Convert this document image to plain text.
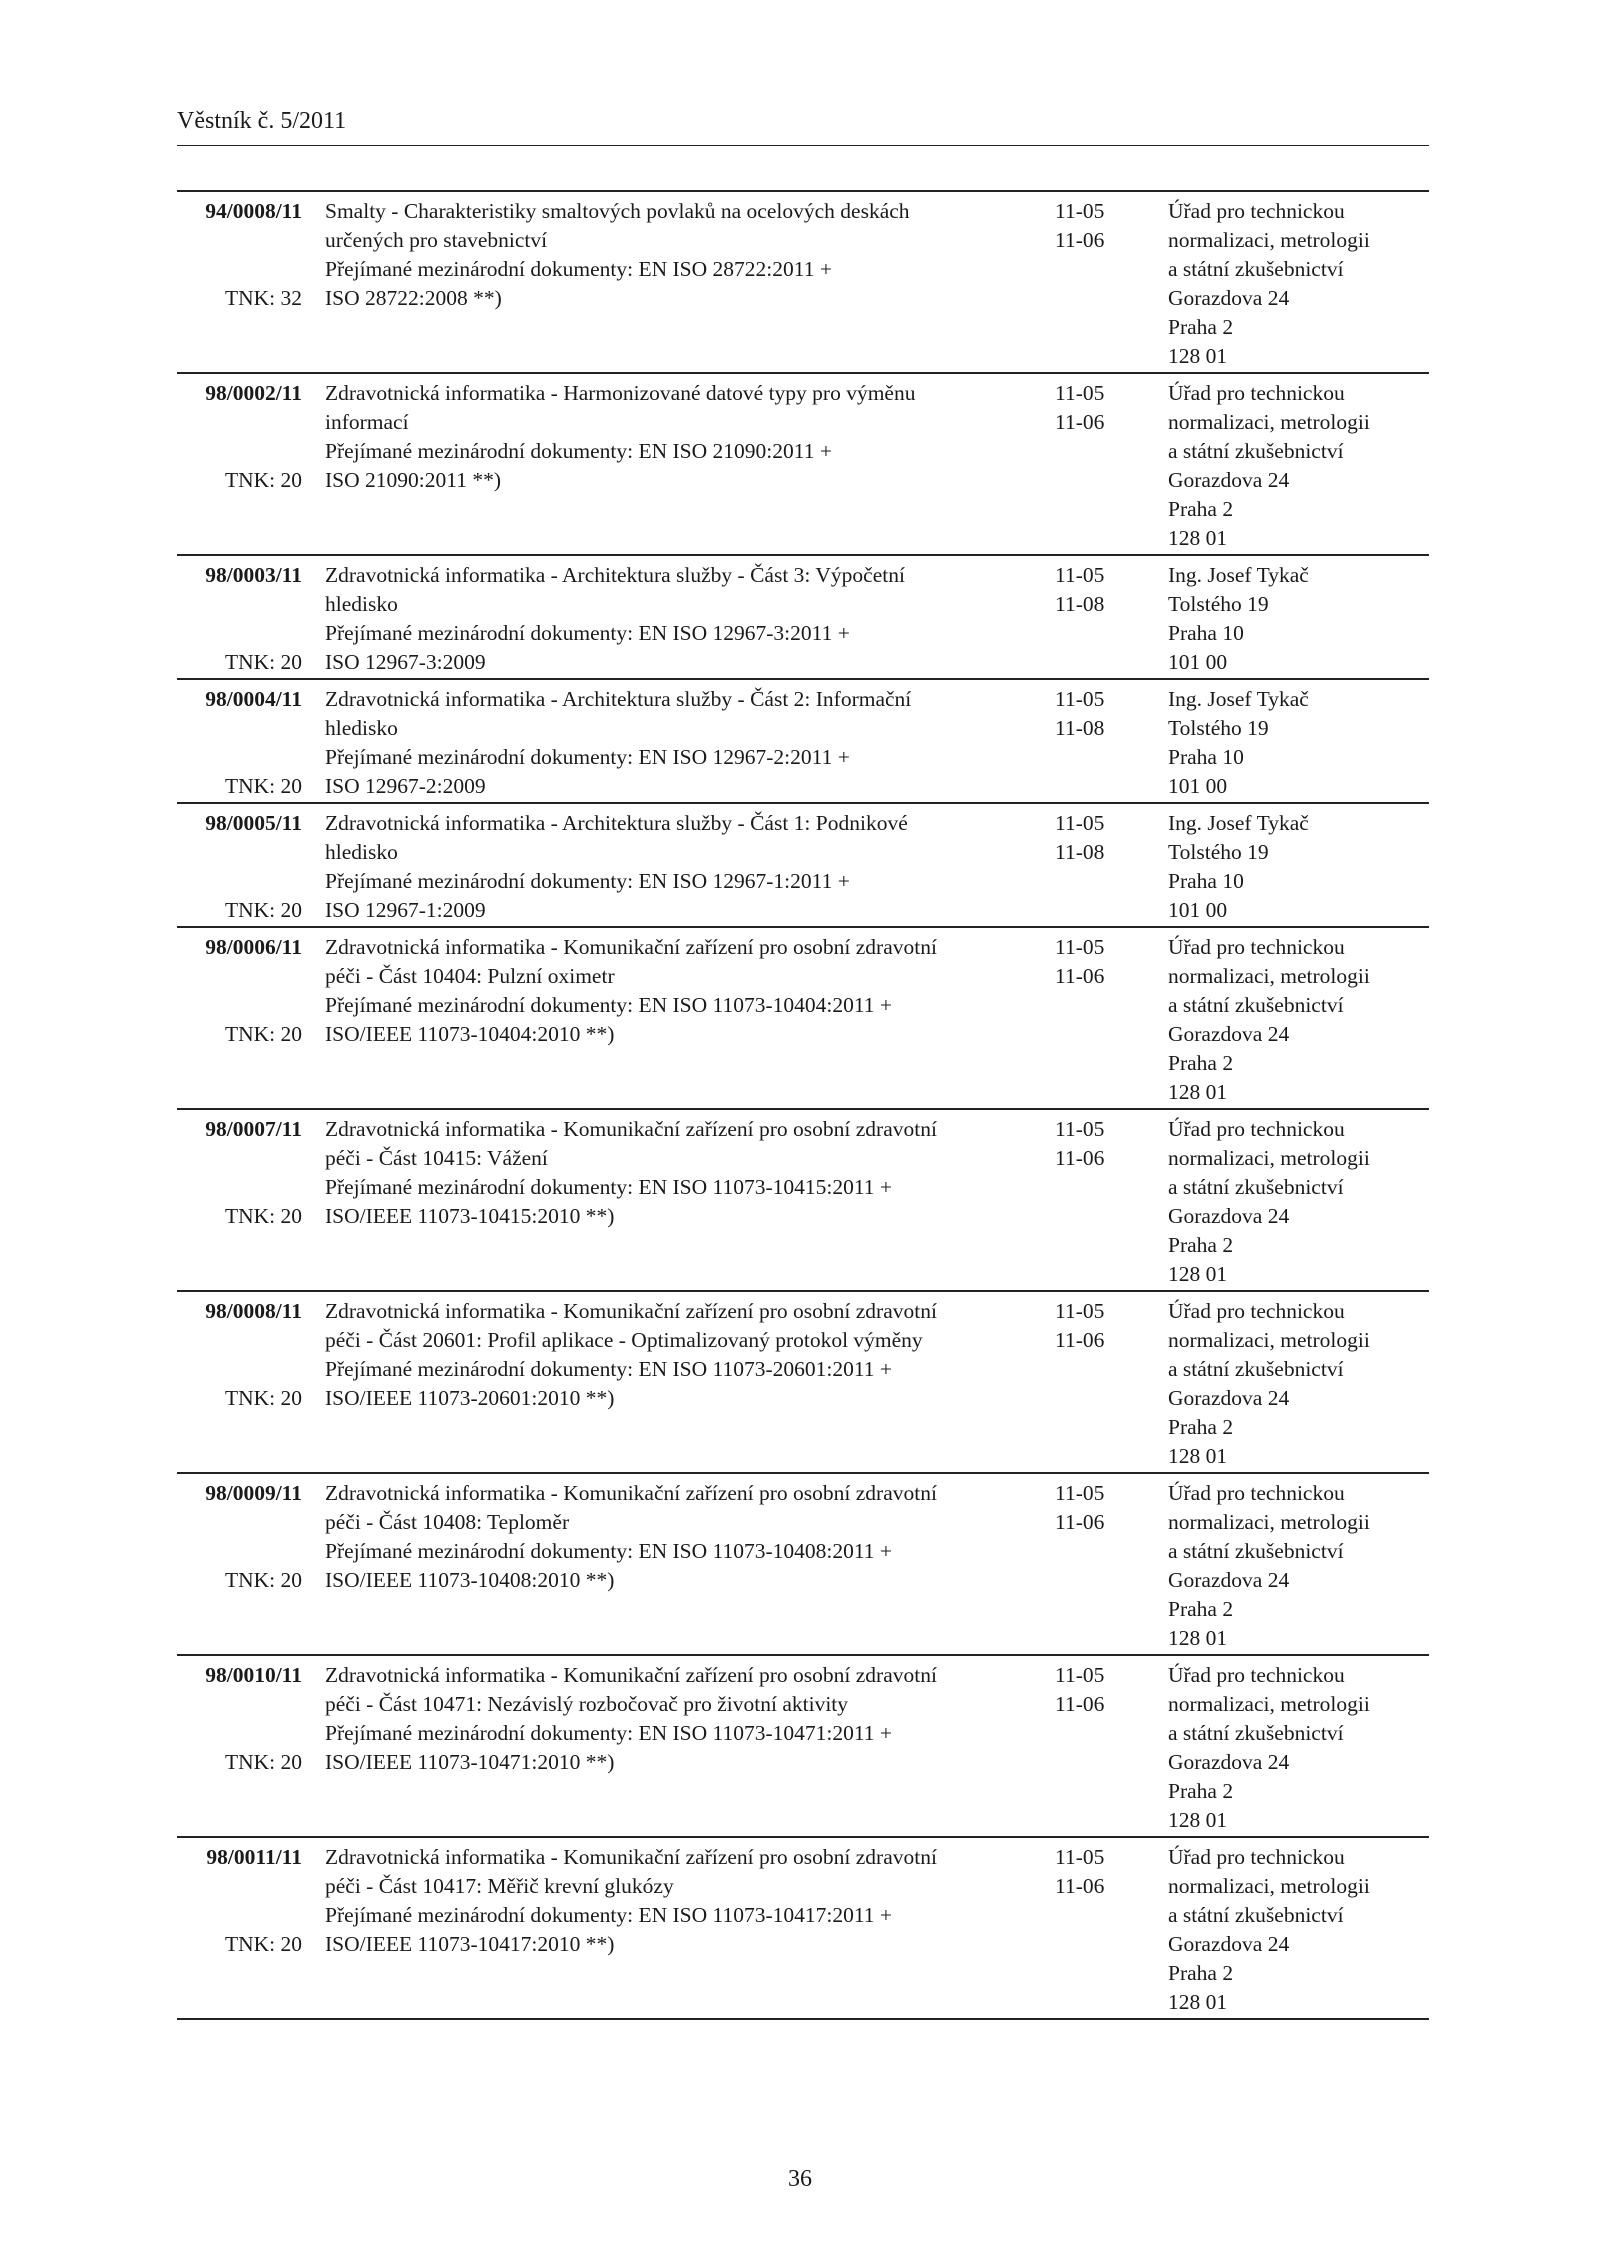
Věstník č. 5/2011
94/0008/11
TNK: 32
Smalty - Charakteristiky smaltových povlaků na ocelových deskách
určených pro stavebnictví
Přejímané mezinárodní dokumenty: EN ISO 28722:2011 +
ISO 28722:2008 **)
11-05
11-06
Úřad pro technickou
normalizaci, metrologii
a státní zkušebnictví
Gorazdova 24
Praha 2
128 01
98/0002/11
TNK: 20
Zdravotnická informatika - Harmonizované datové typy pro výměnu
informací
Přejímané mezinárodní dokumenty: EN ISO 21090:2011 +
ISO 21090:2011 **)
11-05
11-06
Úřad pro technickou
normalizaci, metrologii
a státní zkušebnictví
Gorazdova 24
Praha 2
128 01
98/0003/11
TNK: 20
Zdravotnická informatika - Architektura služby - Část 3: Výpočetní
hledisko
Přejímané mezinárodní dokumenty: EN ISO 12967-3:2011 +
ISO 12967-3:2009
11-05
11-08
Ing. Josef Tykač
Tolstého 19
Praha 10
101 00
98/0004/11
TNK: 20
Zdravotnická informatika - Architektura služby - Část 2: Informační
hledisko
Přejímané mezinárodní dokumenty: EN ISO 12967-2:2011 +
ISO 12967-2:2009
11-05
11-08
Ing. Josef Tykač
Tolstého 19
Praha 10
101 00
98/0005/11
TNK: 20
Zdravotnická informatika - Architektura služby - Část 1: Podnikové
hledisko
Přejímané mezinárodní dokumenty: EN ISO 12967-1:2011 +
ISO 12967-1:2009
11-05
11-08
Ing. Josef Tykač
Tolstého 19
Praha 10
101 00
98/0006/11
TNK: 20
Zdravotnická informatika - Komunikační zařízení pro osobní zdravotní
péči - Část 10404: Pulzní oximetr
Přejímané mezinárodní dokumenty: EN ISO 11073-10404:2011 +
ISO/IEEE 11073-10404:2010 **)
11-05
11-06
Úřad pro technickou
normalizaci, metrologii
a státní zkušebnictví
Gorazdova 24
Praha 2
128 01
98/0007/11
TNK: 20
Zdravotnická informatika - Komunikační zařízení pro osobní zdravotní
péči - Část 10415: Vážení
Přejímané mezinárodní dokumenty: EN ISO 11073-10415:2011 +
ISO/IEEE 11073-10415:2010 **)
11-05
11-06
Úřad pro technickou
normalizaci, metrologii
a státní zkušebnictví
Gorazdova 24
Praha 2
128 01
98/0008/11
TNK: 20
Zdravotnická informatika - Komunikační zařízení pro osobní zdravotní
péči - Část 20601: Profil aplikace - Optimalizovaný protokol výměny
Přejímané mezinárodní dokumenty: EN ISO 11073-20601:2011 +
ISO/IEEE 11073-20601:2010 **)
11-05
11-06
Úřad pro technickou
normalizaci, metrologii
a státní zkušebnictví
Gorazdova 24
Praha 2
128 01
98/0009/11
TNK: 20
Zdravotnická informatika - Komunikační zařízení pro osobní zdravotní
péči - Část 10408: Teploměr
Přejímané mezinárodní dokumenty: EN ISO 11073-10408:2011 +
ISO/IEEE 11073-10408:2010 **)
11-05
11-06
Úřad pro technickou
normalizaci, metrologii
a státní zkušebnictví
Gorazdova 24
Praha 2
128 01
98/0010/11
TNK: 20
Zdravotnická informatika - Komunikační zařízení pro osobní zdravotní
péči - Část 10471: Nezávislý rozbočovač pro životní aktivity
Přejímané mezinárodní dokumenty: EN ISO 11073-10471:2011 +
ISO/IEEE 11073-10471:2010 **)
11-05
11-06
Úřad pro technickou
normalizaci, metrologii
a státní zkušebnictví
Gorazdova 24
Praha 2
128 01
98/0011/11
TNK: 20
Zdravotnická informatika - Komunikační zařízení pro osobní zdravotní
péči - Část 10417: Měřič krevní glukózy
Přejímané mezinárodní dokumenty: EN ISO 11073-10417:2011 +
ISO/IEEE 11073-10417:2010 **)
11-05
11-06
Úřad pro technickou
normalizaci, metrologii
a státní zkušebnictví
Gorazdova 24
Praha 2
128 01
36
